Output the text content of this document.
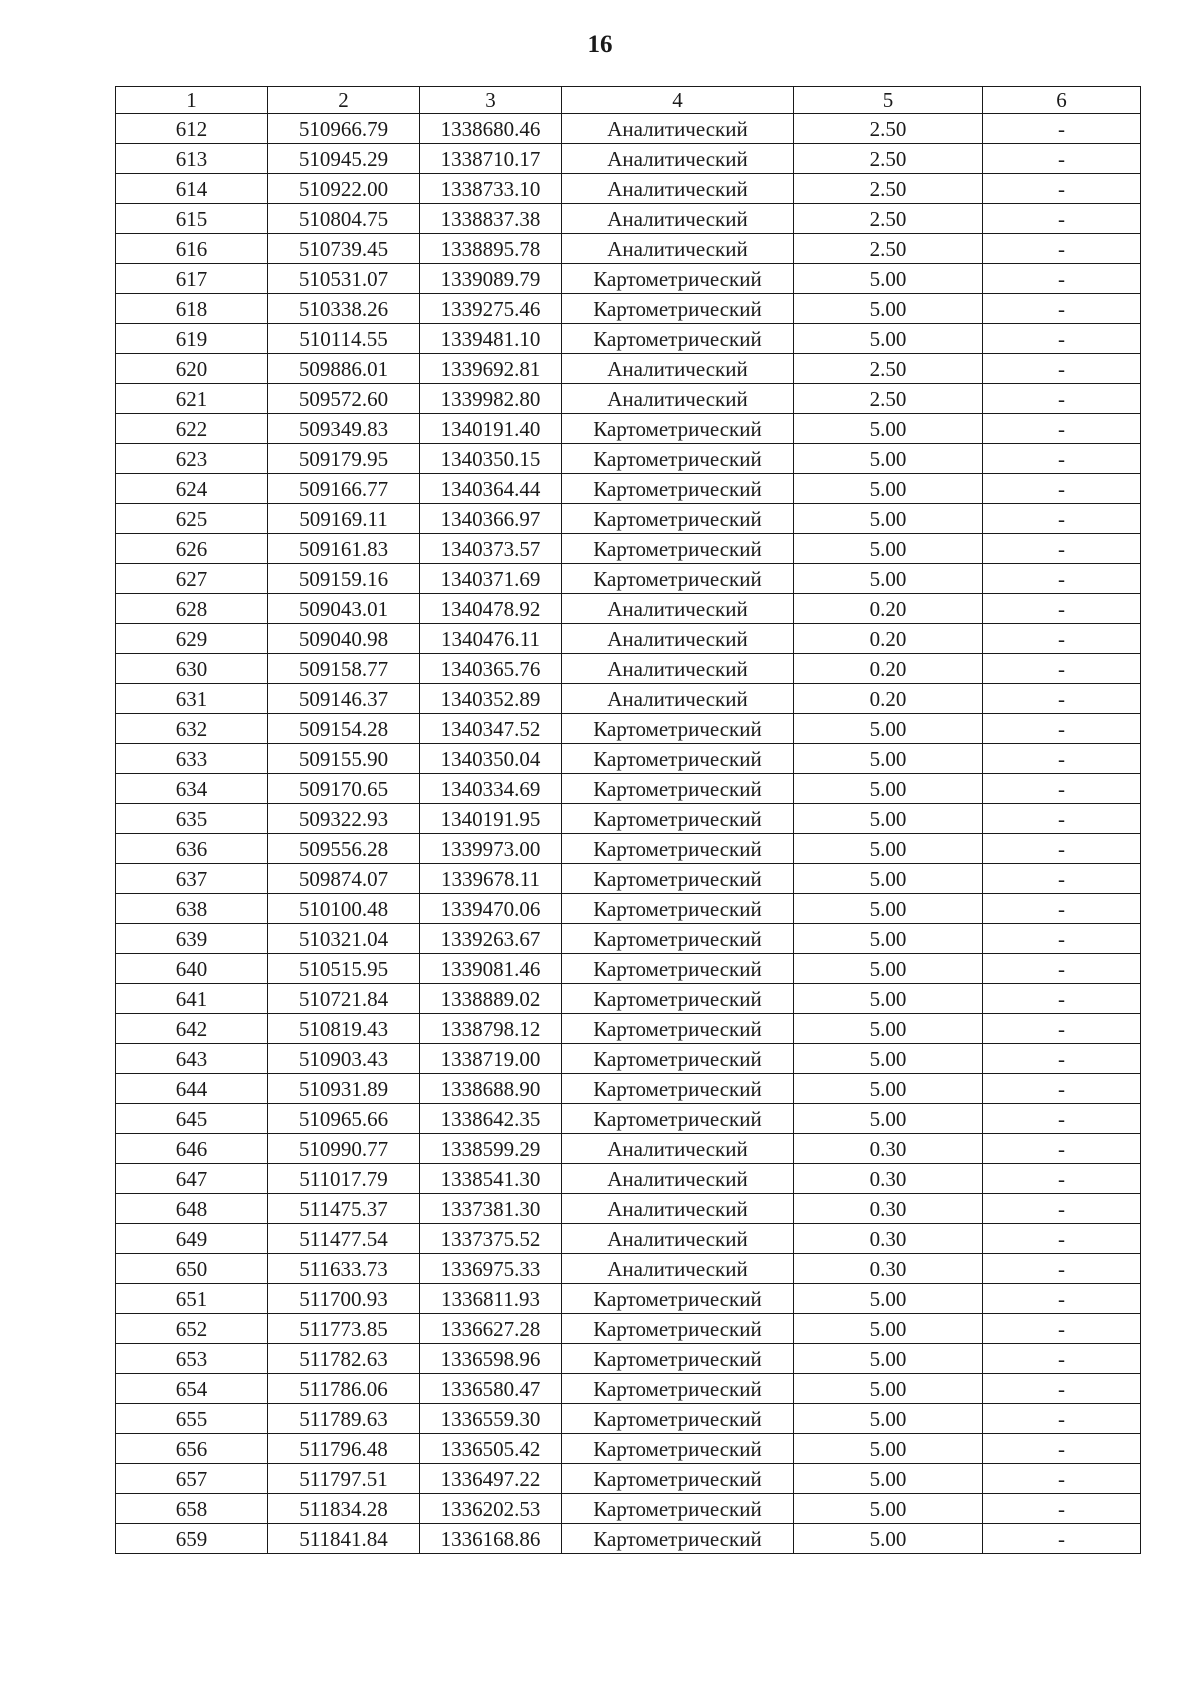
16
1	2	3	4	5	6
612	510966.79	1338680.46	Аналитический	2.50	-
613	510945.29	1338710.17	Аналитический	2.50	-
614	510922.00	1338733.10	Аналитический	2.50	-
615	510804.75	1338837.38	Аналитический	2.50	-
616	510739.45	1338895.78	Аналитический	2.50	-
617	510531.07	1339089.79	Картометрический	5.00	-
618	510338.26	1339275.46	Картометрический	5.00	-
619	510114.55	1339481.10	Картометрический	5.00	-
620	509886.01	1339692.81	Аналитический	2.50	-
621	509572.60	1339982.80	Аналитический	2.50	-
622	509349.83	1340191.40	Картометрический	5.00	-
623	509179.95	1340350.15	Картометрический	5.00	-
624	509166.77	1340364.44	Картометрический	5.00	-
625	509169.11	1340366.97	Картометрический	5.00	-
626	509161.83	1340373.57	Картометрический	5.00	-
627	509159.16	1340371.69	Картометрический	5.00	-
628	509043.01	1340478.92	Аналитический	0.20	-
629	509040.98	1340476.11	Аналитический	0.20	-
630	509158.77	1340365.76	Аналитический	0.20	-
631	509146.37	1340352.89	Аналитический	0.20	-
632	509154.28	1340347.52	Картометрический	5.00	-
633	509155.90	1340350.04	Картометрический	5.00	-
634	509170.65	1340334.69	Картометрический	5.00	-
635	509322.93	1340191.95	Картометрический	5.00	-
636	509556.28	1339973.00	Картометрический	5.00	-
637	509874.07	1339678.11	Картометрический	5.00	-
638	510100.48	1339470.06	Картометрический	5.00	-
639	510321.04	1339263.67	Картометрический	5.00	-
640	510515.95	1339081.46	Картометрический	5.00	-
641	510721.84	1338889.02	Картометрический	5.00	-
642	510819.43	1338798.12	Картометрический	5.00	-
643	510903.43	1338719.00	Картометрический	5.00	-
644	510931.89	1338688.90	Картометрический	5.00	-
645	510965.66	1338642.35	Картометрический	5.00	-
646	510990.77	1338599.29	Аналитический	0.30	-
647	511017.79	1338541.30	Аналитический	0.30	-
648	511475.37	1337381.30	Аналитический	0.30	-
649	511477.54	1337375.52	Аналитический	0.30	-
650	511633.73	1336975.33	Аналитический	0.30	-
651	511700.93	1336811.93	Картометрический	5.00	-
652	511773.85	1336627.28	Картометрический	5.00	-
653	511782.63	1336598.96	Картометрический	5.00	-
654	511786.06	1336580.47	Картометрический	5.00	-
655	511789.63	1336559.30	Картометрический	5.00	-
656	511796.48	1336505.42	Картометрический	5.00	-
657	511797.51	1336497.22	Картометрический	5.00	-
658	511834.28	1336202.53	Картометрический	5.00	-
659	511841.84	1336168.86	Картометрический	5.00	-
